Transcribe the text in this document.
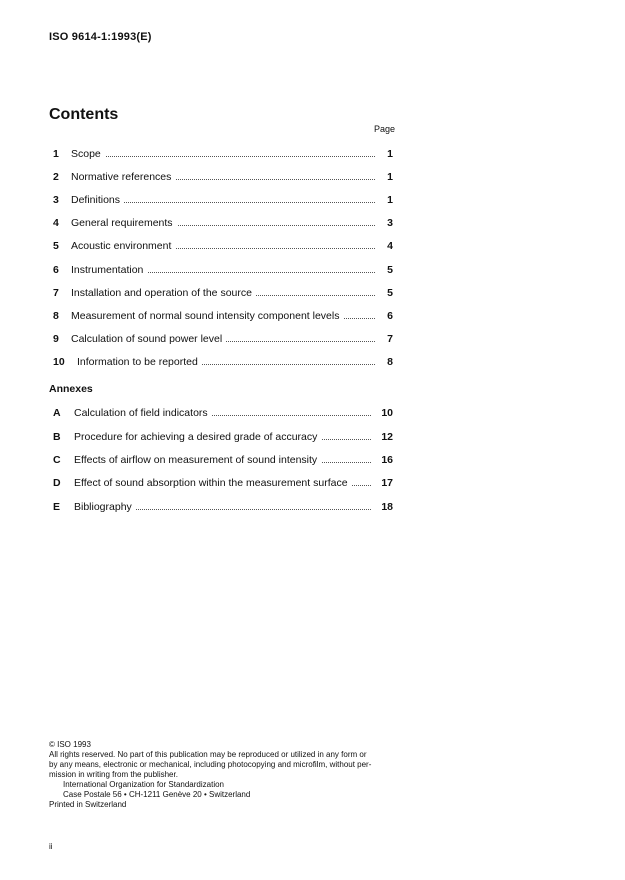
ISO 9614-1:1993(E)
Contents
Page
1 Scope	1
2 Normative references	1
3 Definitions	1
4 General requirements	3
5 Acoustic environment	4
6 Instrumentation	5
7 Installation and operation of the source	5
8 Measurement of normal sound intensity component levels	6
9 Calculation of sound power level	7
10 Information to be reported	8
Annexes
A Calculation of field indicators	10
B Procedure for achieving a desired grade of accuracy	12
C Effects of airflow on measurement of sound intensity	16
D Effect of sound absorption within the measurement surface	17
E Bibliography	18

© ISO 1993

All rights reserved. No part of this publication may be reproduced or utilized in any form or

by any means, electronic or mechanical, including photocopying and microfilm, without per-

mission in writing from the publisher.

International Organization for Standardization

Case Postale 56 • CH-1211 Genève 20 • Switzerland

Printed in Switzerland

ii
